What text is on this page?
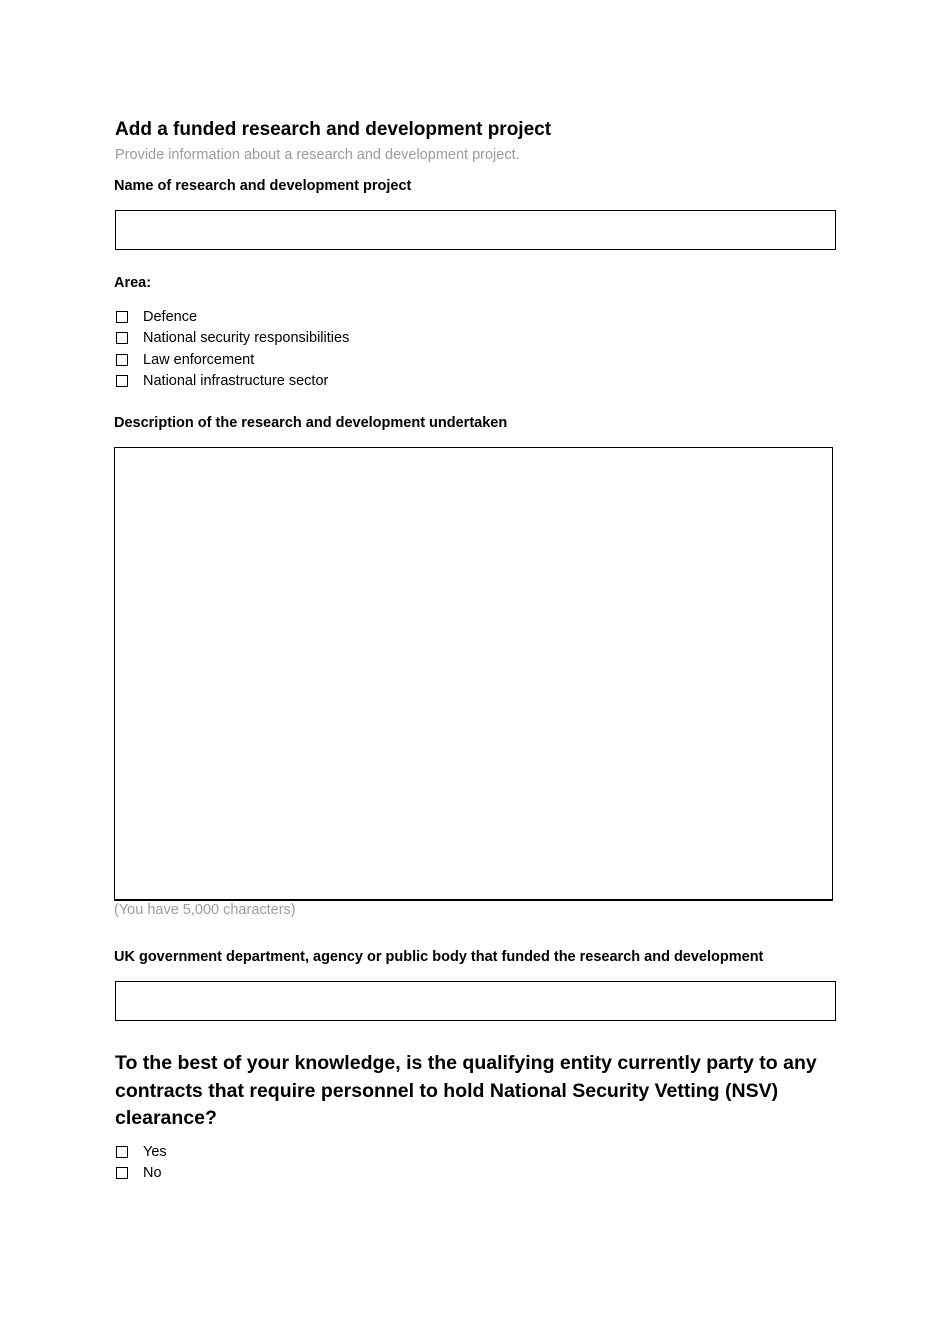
Add a funded research and development project
Provide information about a research and development project.
Name of research and development project
Area:
Defence
National security responsibilities
Law enforcement
National infrastructure sector
Description of the research and development undertaken
(You have 5,000 characters)
UK government department, agency or public body that funded the research and development
To the best of your knowledge, is the qualifying entity currently party to any contracts that require personnel to hold National Security Vetting (NSV) clearance?
Yes
No
